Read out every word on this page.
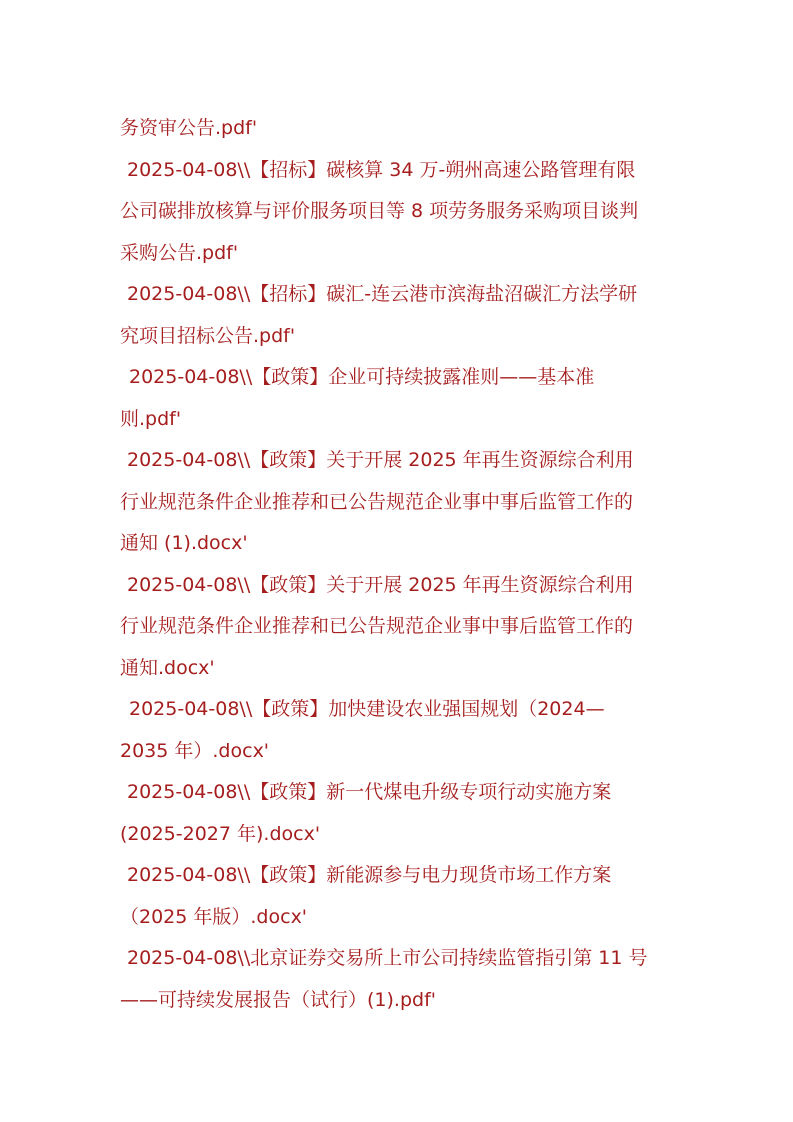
务资审公告.pdf'
2025-04-08\\【招标】碳核算 34 万-朔州高速公路管理有限
公司碳排放核算与评价服务项目等 8 项劳务服务采购项目谈判
采购公告.pdf'
2025-04-08\\【招标】碳汇-连云港市滨海盐沼碳汇方法学研
究项目招标公告.pdf'
2025-04-08\\【政策】企业可持续披露准则——基本准
则.pdf'
2025-04-08\\【政策】关于开展 2025 年再生资源综合利用
行业规范条件企业推荐和已公告规范企业事中事后监管工作的
通知 (1).docx'
2025-04-08\\【政策】关于开展 2025 年再生资源综合利用
行业规范条件企业推荐和已公告规范企业事中事后监管工作的
通知.docx'
2025-04-08\\【政策】加快建设农业强国规划（2024—
2035 年）.docx'
2025-04-08\\【政策】新一代煤电升级专项行动实施方案
(2025-2027 年).docx'
2025-04-08\\【政策】新能源参与电力现货市场工作方案
（2025 年版）.docx'
2025-04-08\\北京证券交易所上市公司持续监管指引第 11 号
——可持续发展报告（试行）(1).pdf'
